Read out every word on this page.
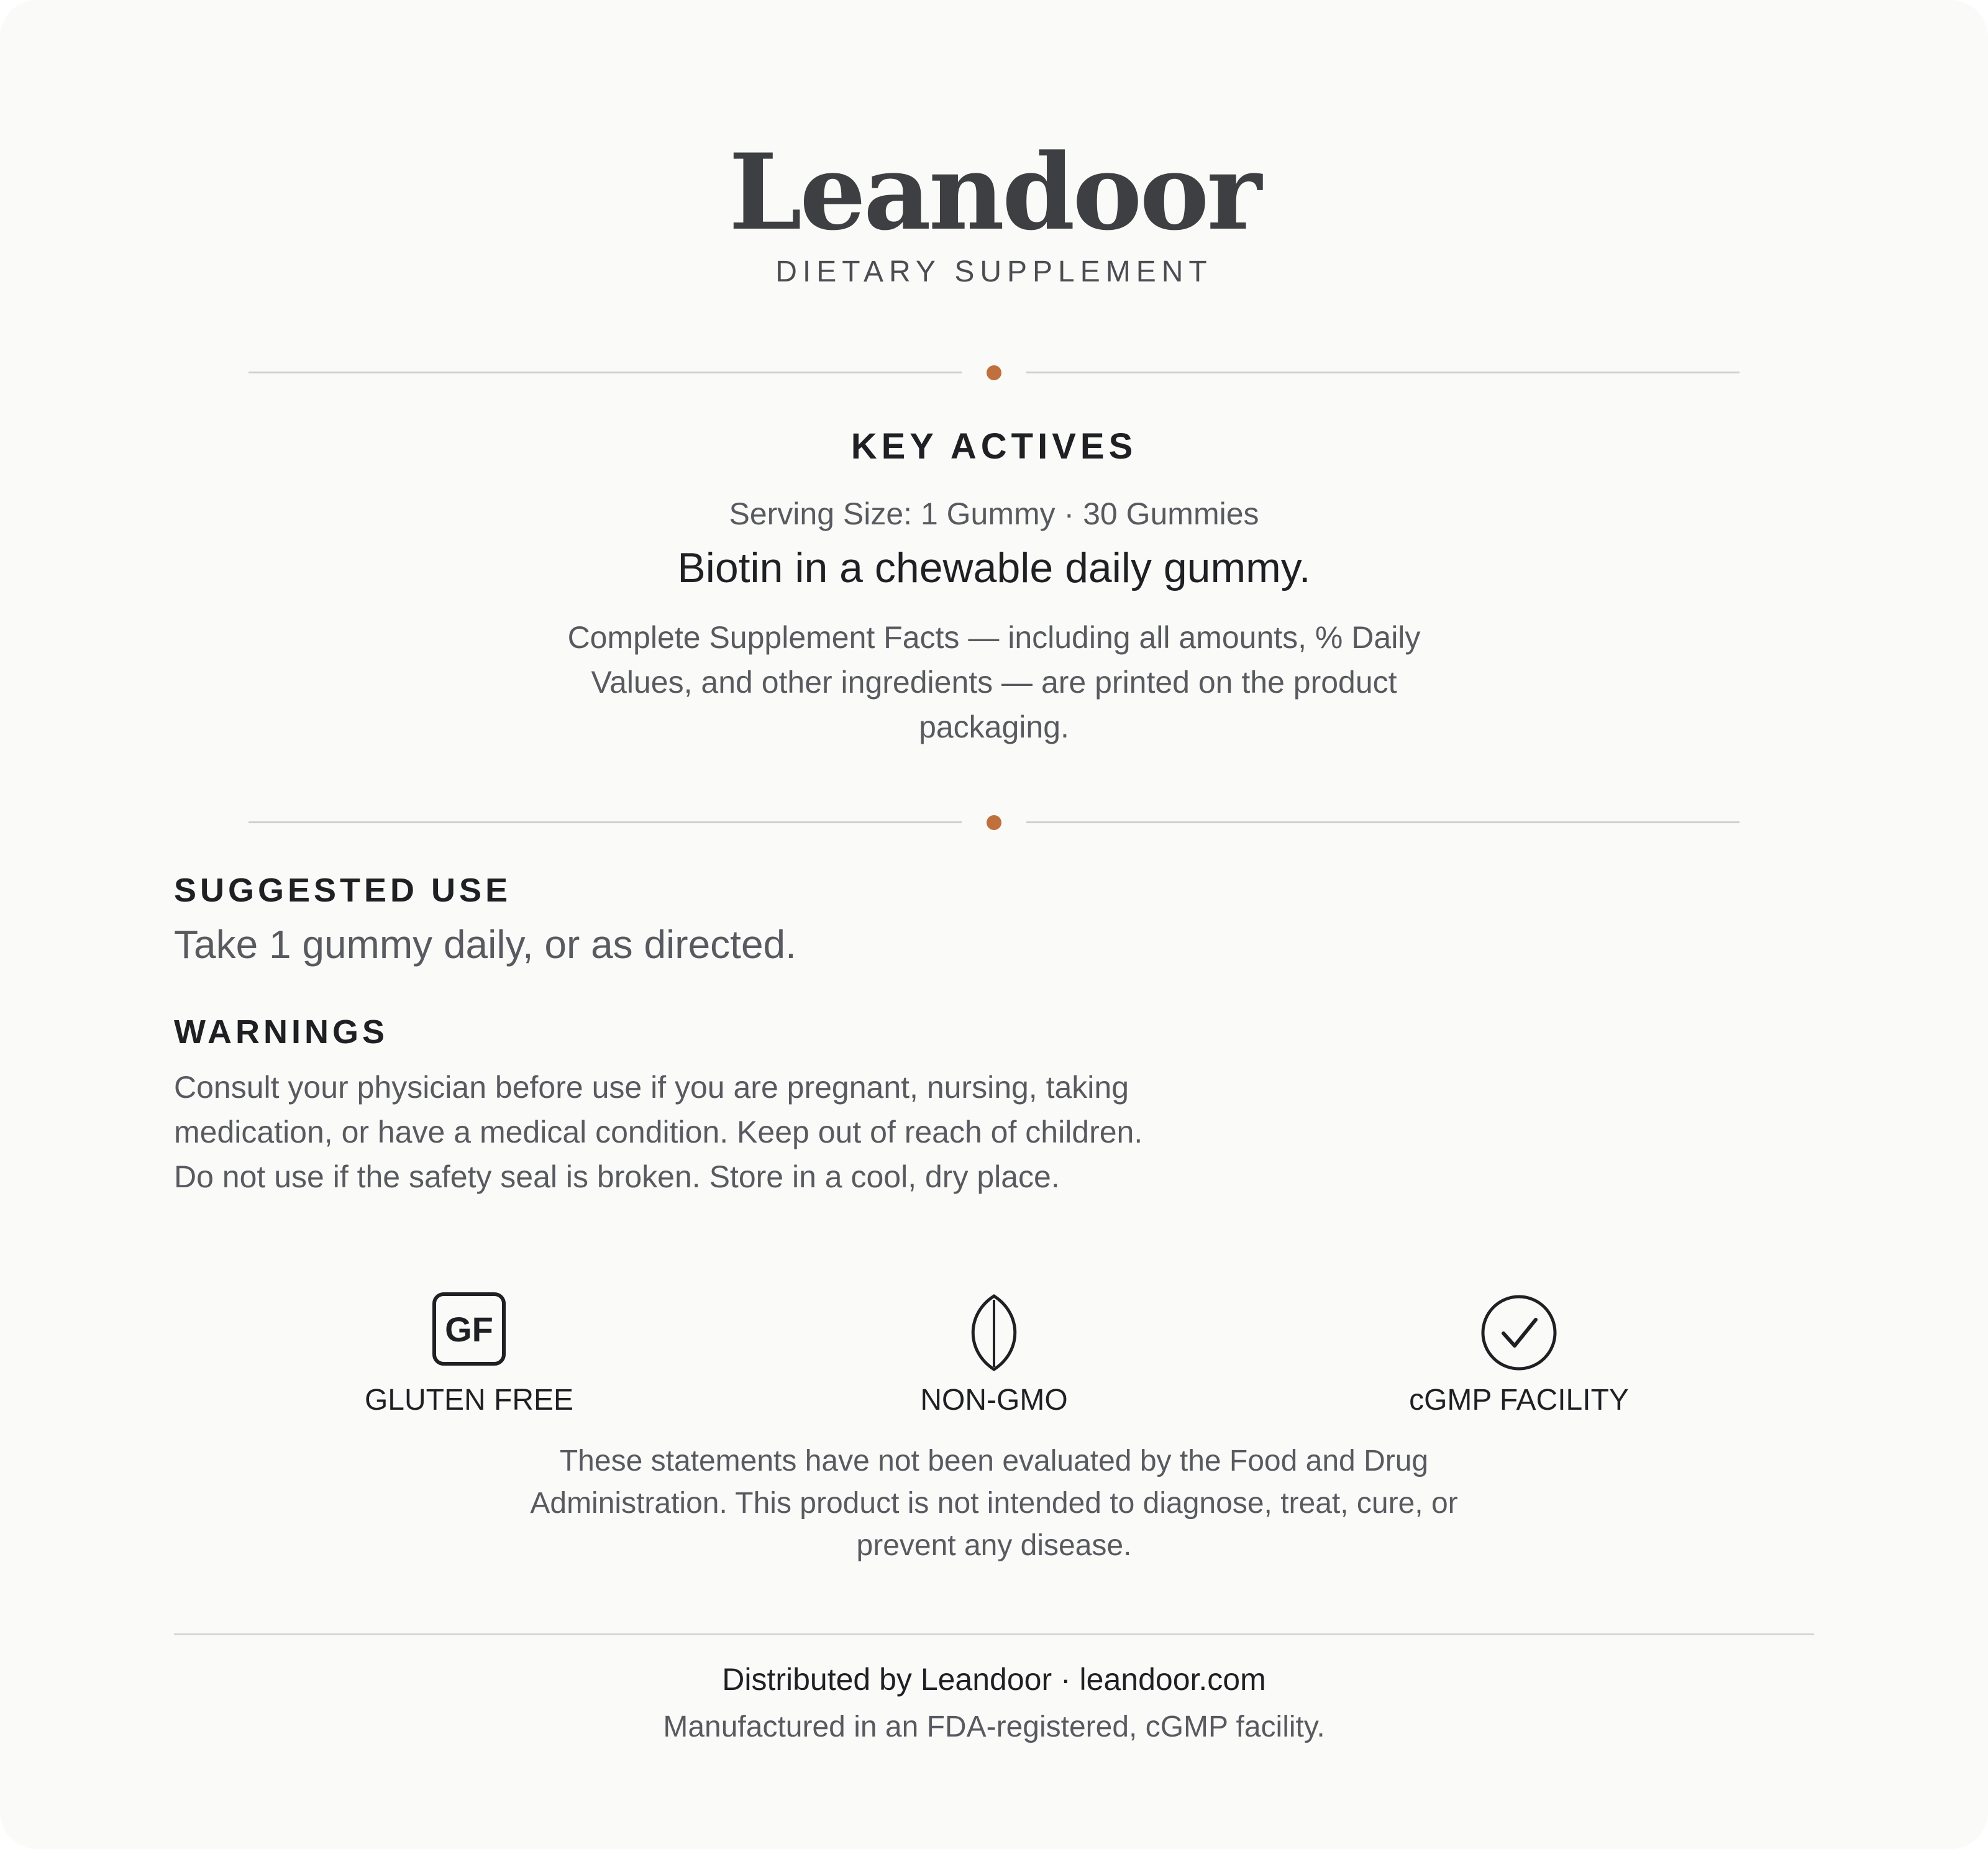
Leandoor
DIETARY SUPPLEMENT
KEY ACTIVES
Serving Size: 1 Gummy · 30 Gummies
Biotin in a chewable daily gummy.
Complete Supplement Facts — including all amounts, % Daily Values, and other ingredients — are printed on the product packaging.
SUGGESTED USE
Take 1 gummy daily, or as directed.
WARNINGS
Consult your physician before use if you are pregnant, nursing, taking medication, or have a medical condition. Keep out of reach of children. Do not use if the safety seal is broken. Store in a cool, dry place.
GF
GLUTEN FREE	NON-GMO	cGMP FACILITY
These statements have not been evaluated by the Food and Drug Administration. This product is not intended to diagnose, treat, cure, or prevent any disease.
Distributed by Leandoor · leandoor.com
Manufactured in an FDA-registered, cGMP facility.
